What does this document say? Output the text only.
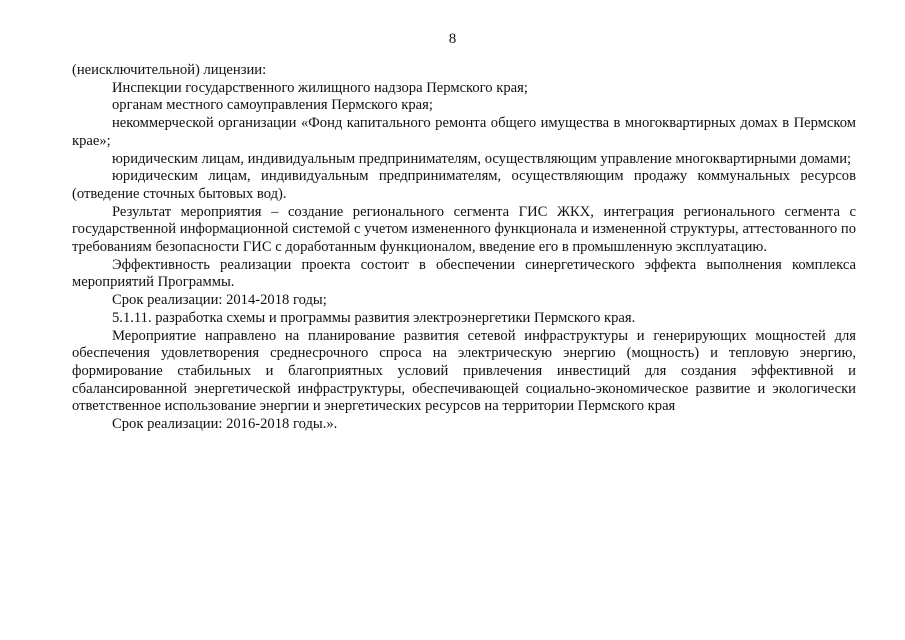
8

(неисключительной) лицензии:

Инспекции государственного жилищного надзора Пермского края;

органам местного самоуправления Пермского края;

некоммерческой организации «Фонд капитального ремонта общего имущества в многоквартирных домах в Пермском крае»;

юридическим лицам, индивидуальным предпринимателям, осуществляющим управление многоквартирными домами;

юридическим лицам, индивидуальным предпринимателям, осуществляющим продажу коммунальных ресурсов (отведение сточных бытовых вод).

Результат мероприятия – создание регионального сегмента ГИС ЖКХ, интеграция регионального сегмента с государственной информационной системой с учетом измененного функционала и измененной структуры, аттестованного по требованиям безопасности ГИС с доработанным функционалом, введение его в промышленную эксплуатацию.

Эффективность реализации проекта состоит в обеспечении синергетического эффекта выполнения комплекса мероприятий Программы.

Срок реализации: 2014-2018 годы;

5.1.11. разработка схемы и программы развития электроэнергетики Пермского края.

Мероприятие направлено на планирование развития сетевой инфраструктуры и генерирующих мощностей для обеспечения удовлетворения среднесрочного спроса на электрическую энергию (мощность) и тепловую энергию, формирование стабильных и благоприятных условий привлечения инвестиций для создания эффективной и сбалансированной энергетической инфраструктуры, обеспечивающей социально-экономическое развитие и экологически ответственное использование энергии и энергетических ресурсов на территории Пермского края

Срок реализации: 2016-2018 годы.».
